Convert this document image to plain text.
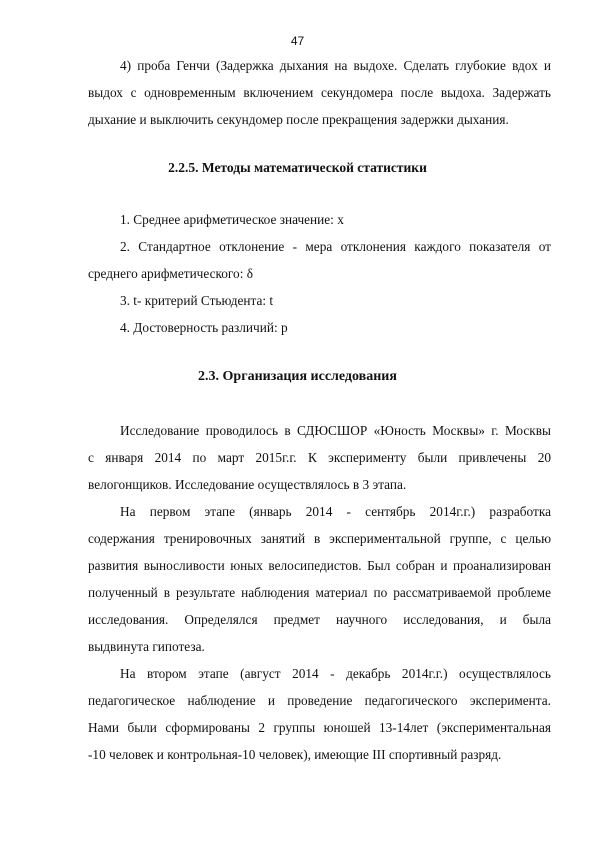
47
4) проба Генчи (Задержка дыхания на выдохе. Сделать глубокие вдох и
выдох с одновременным включением секундомера после выдоха. Задержать
дыхание и выключить секундомер после прекращения задержки дыхания.
2.2.5. Методы математической статистики
1. Среднее арифметическое значение: x
2. Стандартное отклонение - мера отклонения каждого показателя от
среднего арифметического: δ
3. t- критерий Стьюдента: t
4. Достоверность различий: p
2.3. Организация исследования
Исследование проводилось в СДЮСШОР «Юность Москвы» г. Москвы
с января 2014 по март 2015г.г. К эксперименту были привлечены 20
велогонщиков. Исследование осуществлялось в 3 этапа.
На первом этапе (январь 2014 - сентябрь 2014г.г.) разработка
содержания тренировочных занятий в экспериментальной группе, с целью
развития выносливости юных велосипедистов. Был собран и проанализирован
полученный в результате наблюдения материал по рассматриваемой проблеме
исследования. Определялся предмет научного исследования, и была
выдвинута гипотеза.
На втором этапе (август 2014 - декабрь 2014г.г.) осуществлялось
педагогическое наблюдение и проведение педагогического эксперимента.
Нами были сформированы 2 группы юношей 13-14лет (экспериментальная
-10 человек и контрольная-10 человек), имеющие III спортивный разряд.
